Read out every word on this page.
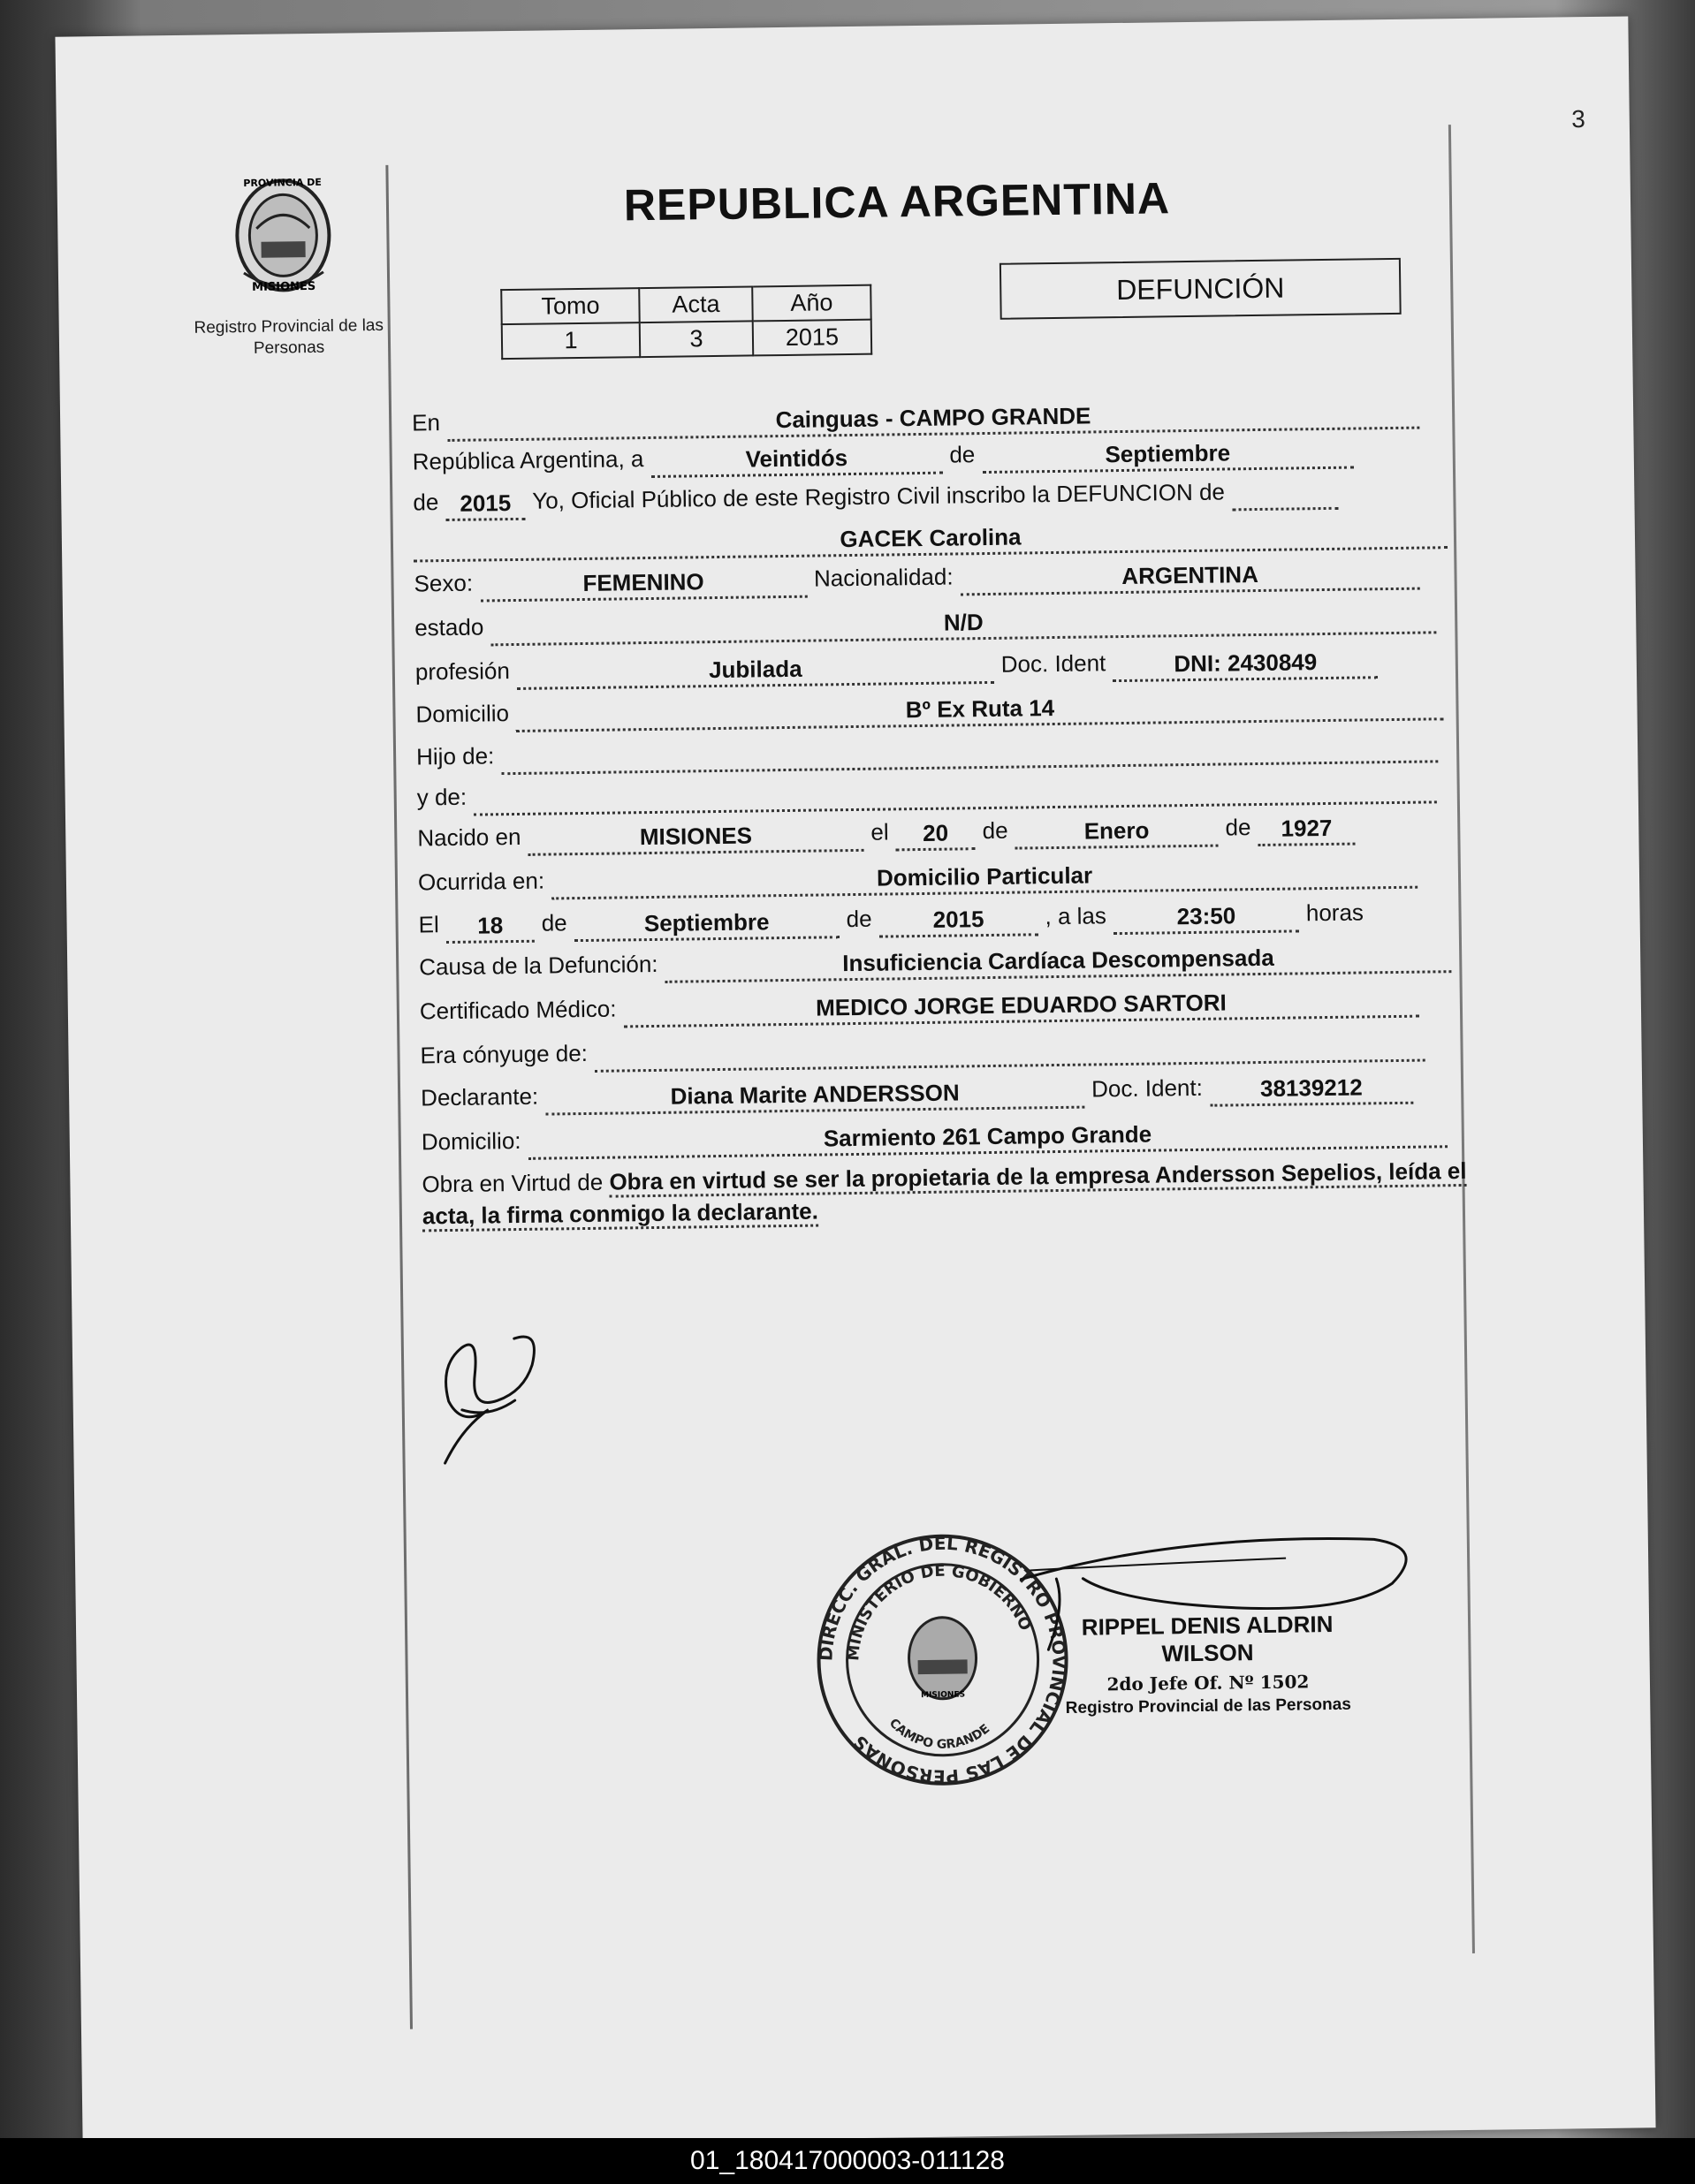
3
PROVINCIA DE
MISIONES
Registro Provincial de las Personas
REPUBLICA ARGENTINA
Tomo	Acta	Año
1	3	2015
DEFUNCIÓN
En	Cainguas - CAMPO GRANDE
República Argentina, a	Veintidós	de	Septiembre
de 2015 Yo, Oficial Público de este Registro Civil inscribo la DEFUNCION de
GACEK Carolina
Sexo:	FEMENINO	Nacionalidad:	ARGENTINA
estado	N/D
profesión	Jubilada	Doc. Ident	DNI: 2430849
Domicilio	Bº Ex Ruta 14
Hijo de:
y de:
Nacido en	MISIONES	el	20	de	Enero	de	1927
Ocurrida en:	Domicilio Particular
El	18	de	Septiembre	de	2015	, a las	23:50	horas
Causa de la Defunción:	Insuficiencia Cardíaca Descompensada
Certificado Médico:	MEDICO JORGE EDUARDO SARTORI
Era cónyuge de:
Declarante:	Diana Marite ANDERSSON	Doc. Ident:	38139212
Domicilio:	Sarmiento 261 Campo Grande
Obra en Virtud de Obra en virtud se ser la propietaria de la empresa Andersson Sepelios, leída el acta, la firma conmigo la declarante.
DIRECC. GRAL. DEL REGISTRO PROVINCIAL DE LAS PERSONAS
MINISTERIO DE GOBIERNO
CAMPO GRANDE
MISIONES
RIPPEL DENIS ALDRIN WILSON
2do Jefe Of. Nº 1502
Registro Provincial de las Personas
01_180417000003-011128
